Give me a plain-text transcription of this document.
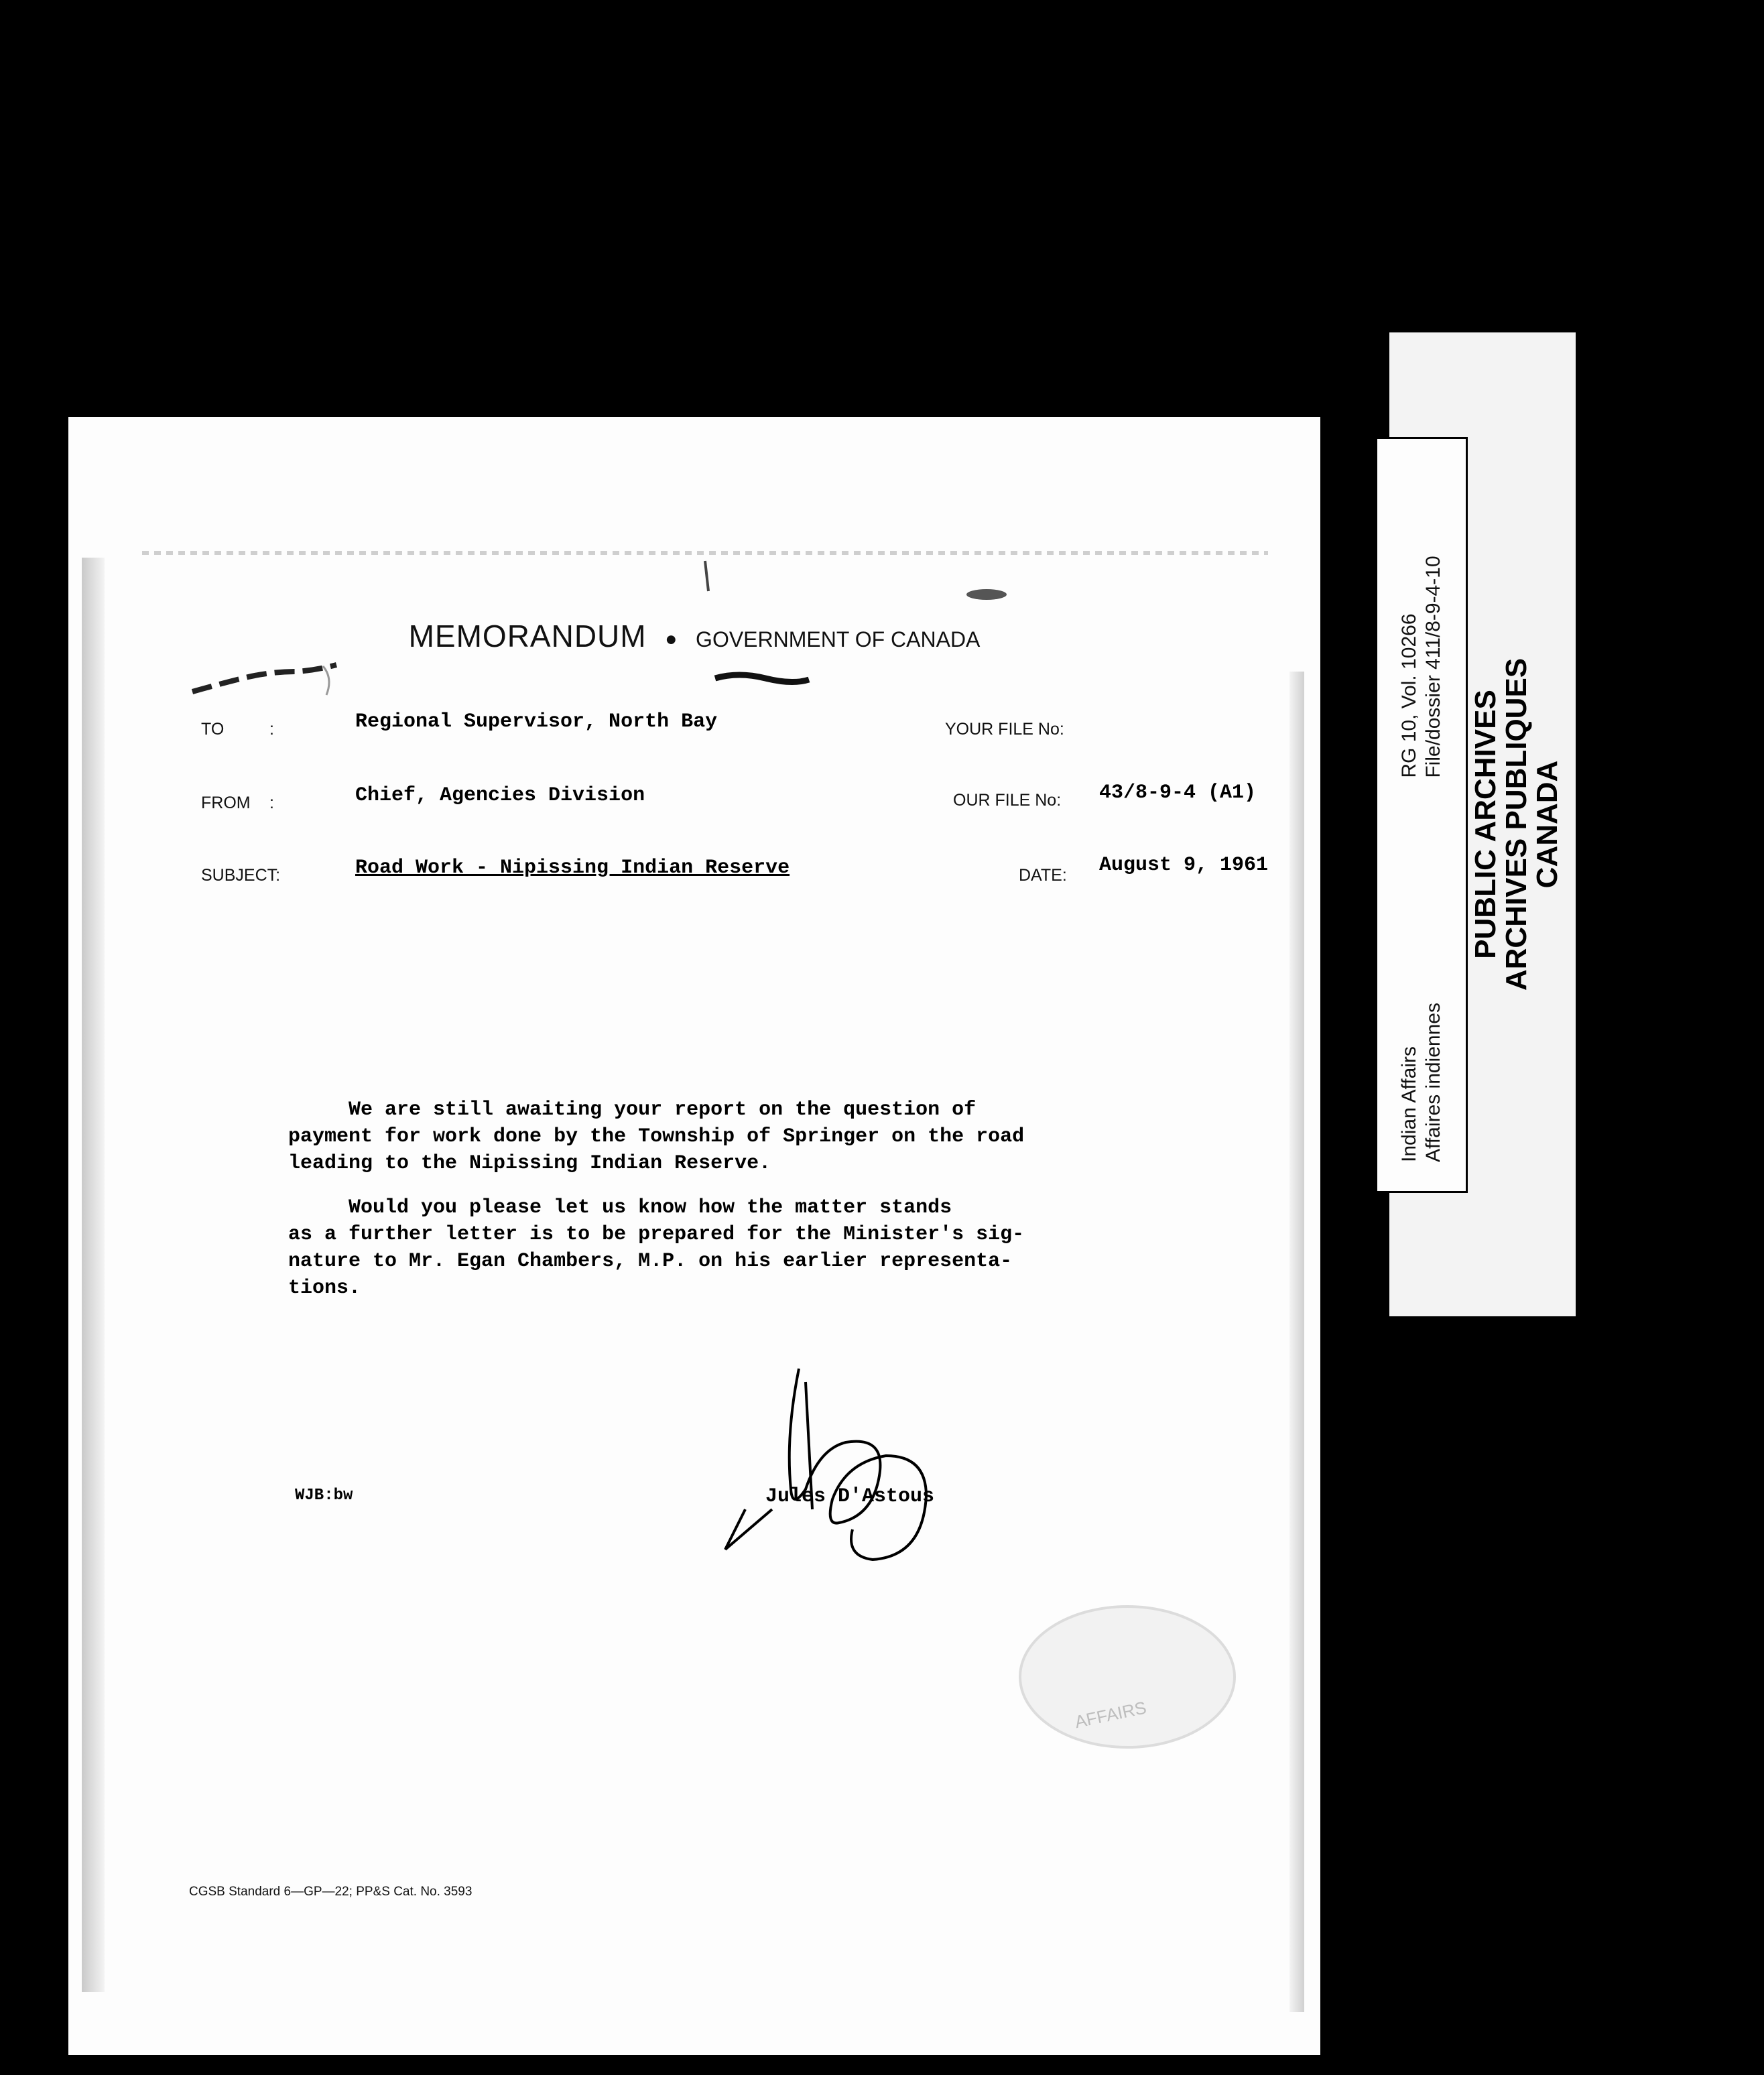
MEMORANDUM ● GOVERNMENT OF CANADA
TO	:	Regional Supervisor, North Bay	YOUR FILE No:
FROM :	Chief, Agencies Division	OUR FILE No: 43/8-9-4 (A1)
SUBJECT:	Road Work - Nipissing Indian Reserve	DATE: August 9, 1961

We are still awaiting your report on the question of

payment for work done by the Township of Springer on the road

leading to the Nipissing Indian Reserve.

Would you please let us know how the matter stands

as a further letter is to be prepared for the Minister's sig-

nature to Mr. Egan Chambers, M.P. on his earlier representa-

tions.

WJB:bw	Jules D'Astous
AFFAIRS
CGSB Standard 6—GP—22; PP&S Cat. No. 3593
PUBLIC ARCHIVES
ARCHIVES PUBLIQUES
CANADA
Indian Affairs Affaires indiennes
RG 10, Vol. 10266 File/dossier 411/8-9-4-10
